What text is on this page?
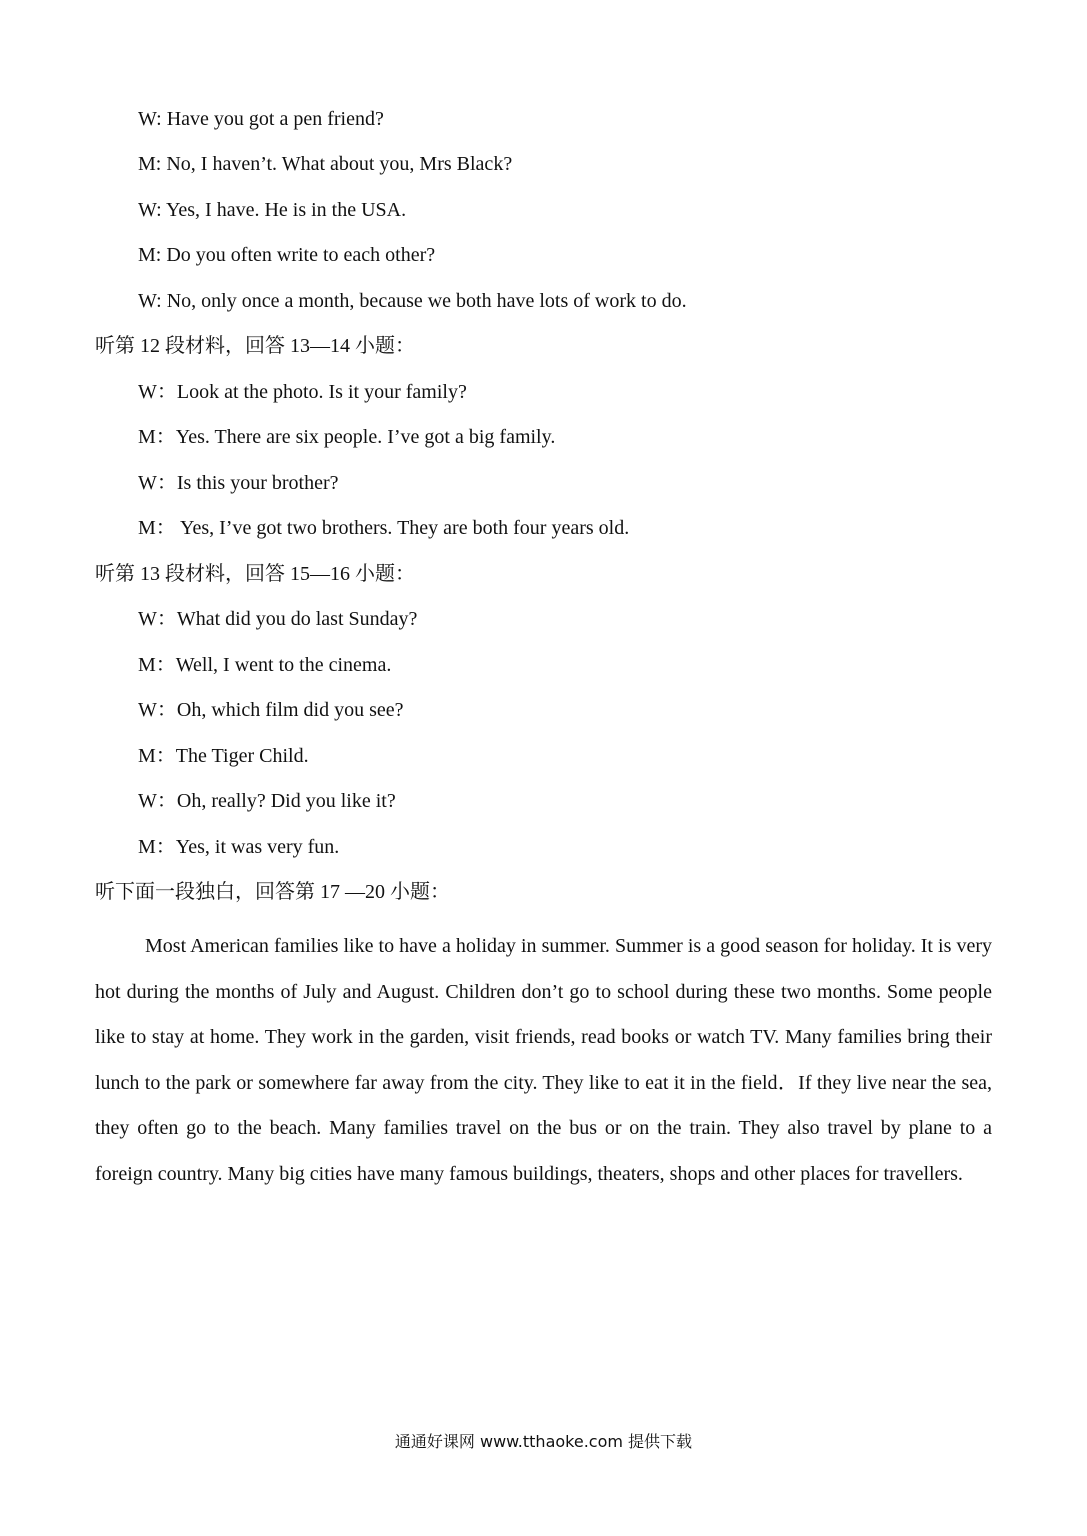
W: Have you got a pen friend?
M: No, I haven’t. What about you, Mrs Black?
W: Yes, I have. He is in the USA.
M: Do you often write to each other?
W: No, only once a month, because we both have lots of work to do.
听第 12 段材料，回答 13—14 小题：
W：Look at the photo. Is it your family?
M：Yes. There are six people. I’ve got a big family.
W：Is this your brother?
M： Yes, I’ve got two brothers. They are both four years old.
听第 13 段材料，回答 15—16 小题：
W：What did you do last Sunday?
M：Well, I went to the cinema.
W：Oh, which film did you see?
M：The Tiger Child.
W：Oh, really? Did you like it?
M：Yes, it was very fun.
听下面一段独白，回答第 17 —20 小题：

Most American families like to have a holiday in summer. Summer is a good season for holiday. It is very hot during the months of July and August. Children don’t go to school during these two months. Some people like to stay at home. They work in the garden, visit friends, read books or watch TV. Many families bring their lunch to the park or somewhere far away from the city. They like to eat it in the field．If they live near the sea, they often go to the beach. Many families travel on the bus or on the train. They also travel by plane to a foreign country. Many big cities have many famous buildings, theaters, shops and other places for travellers.

通通好课网 www.tthaoke.com 提供下载
